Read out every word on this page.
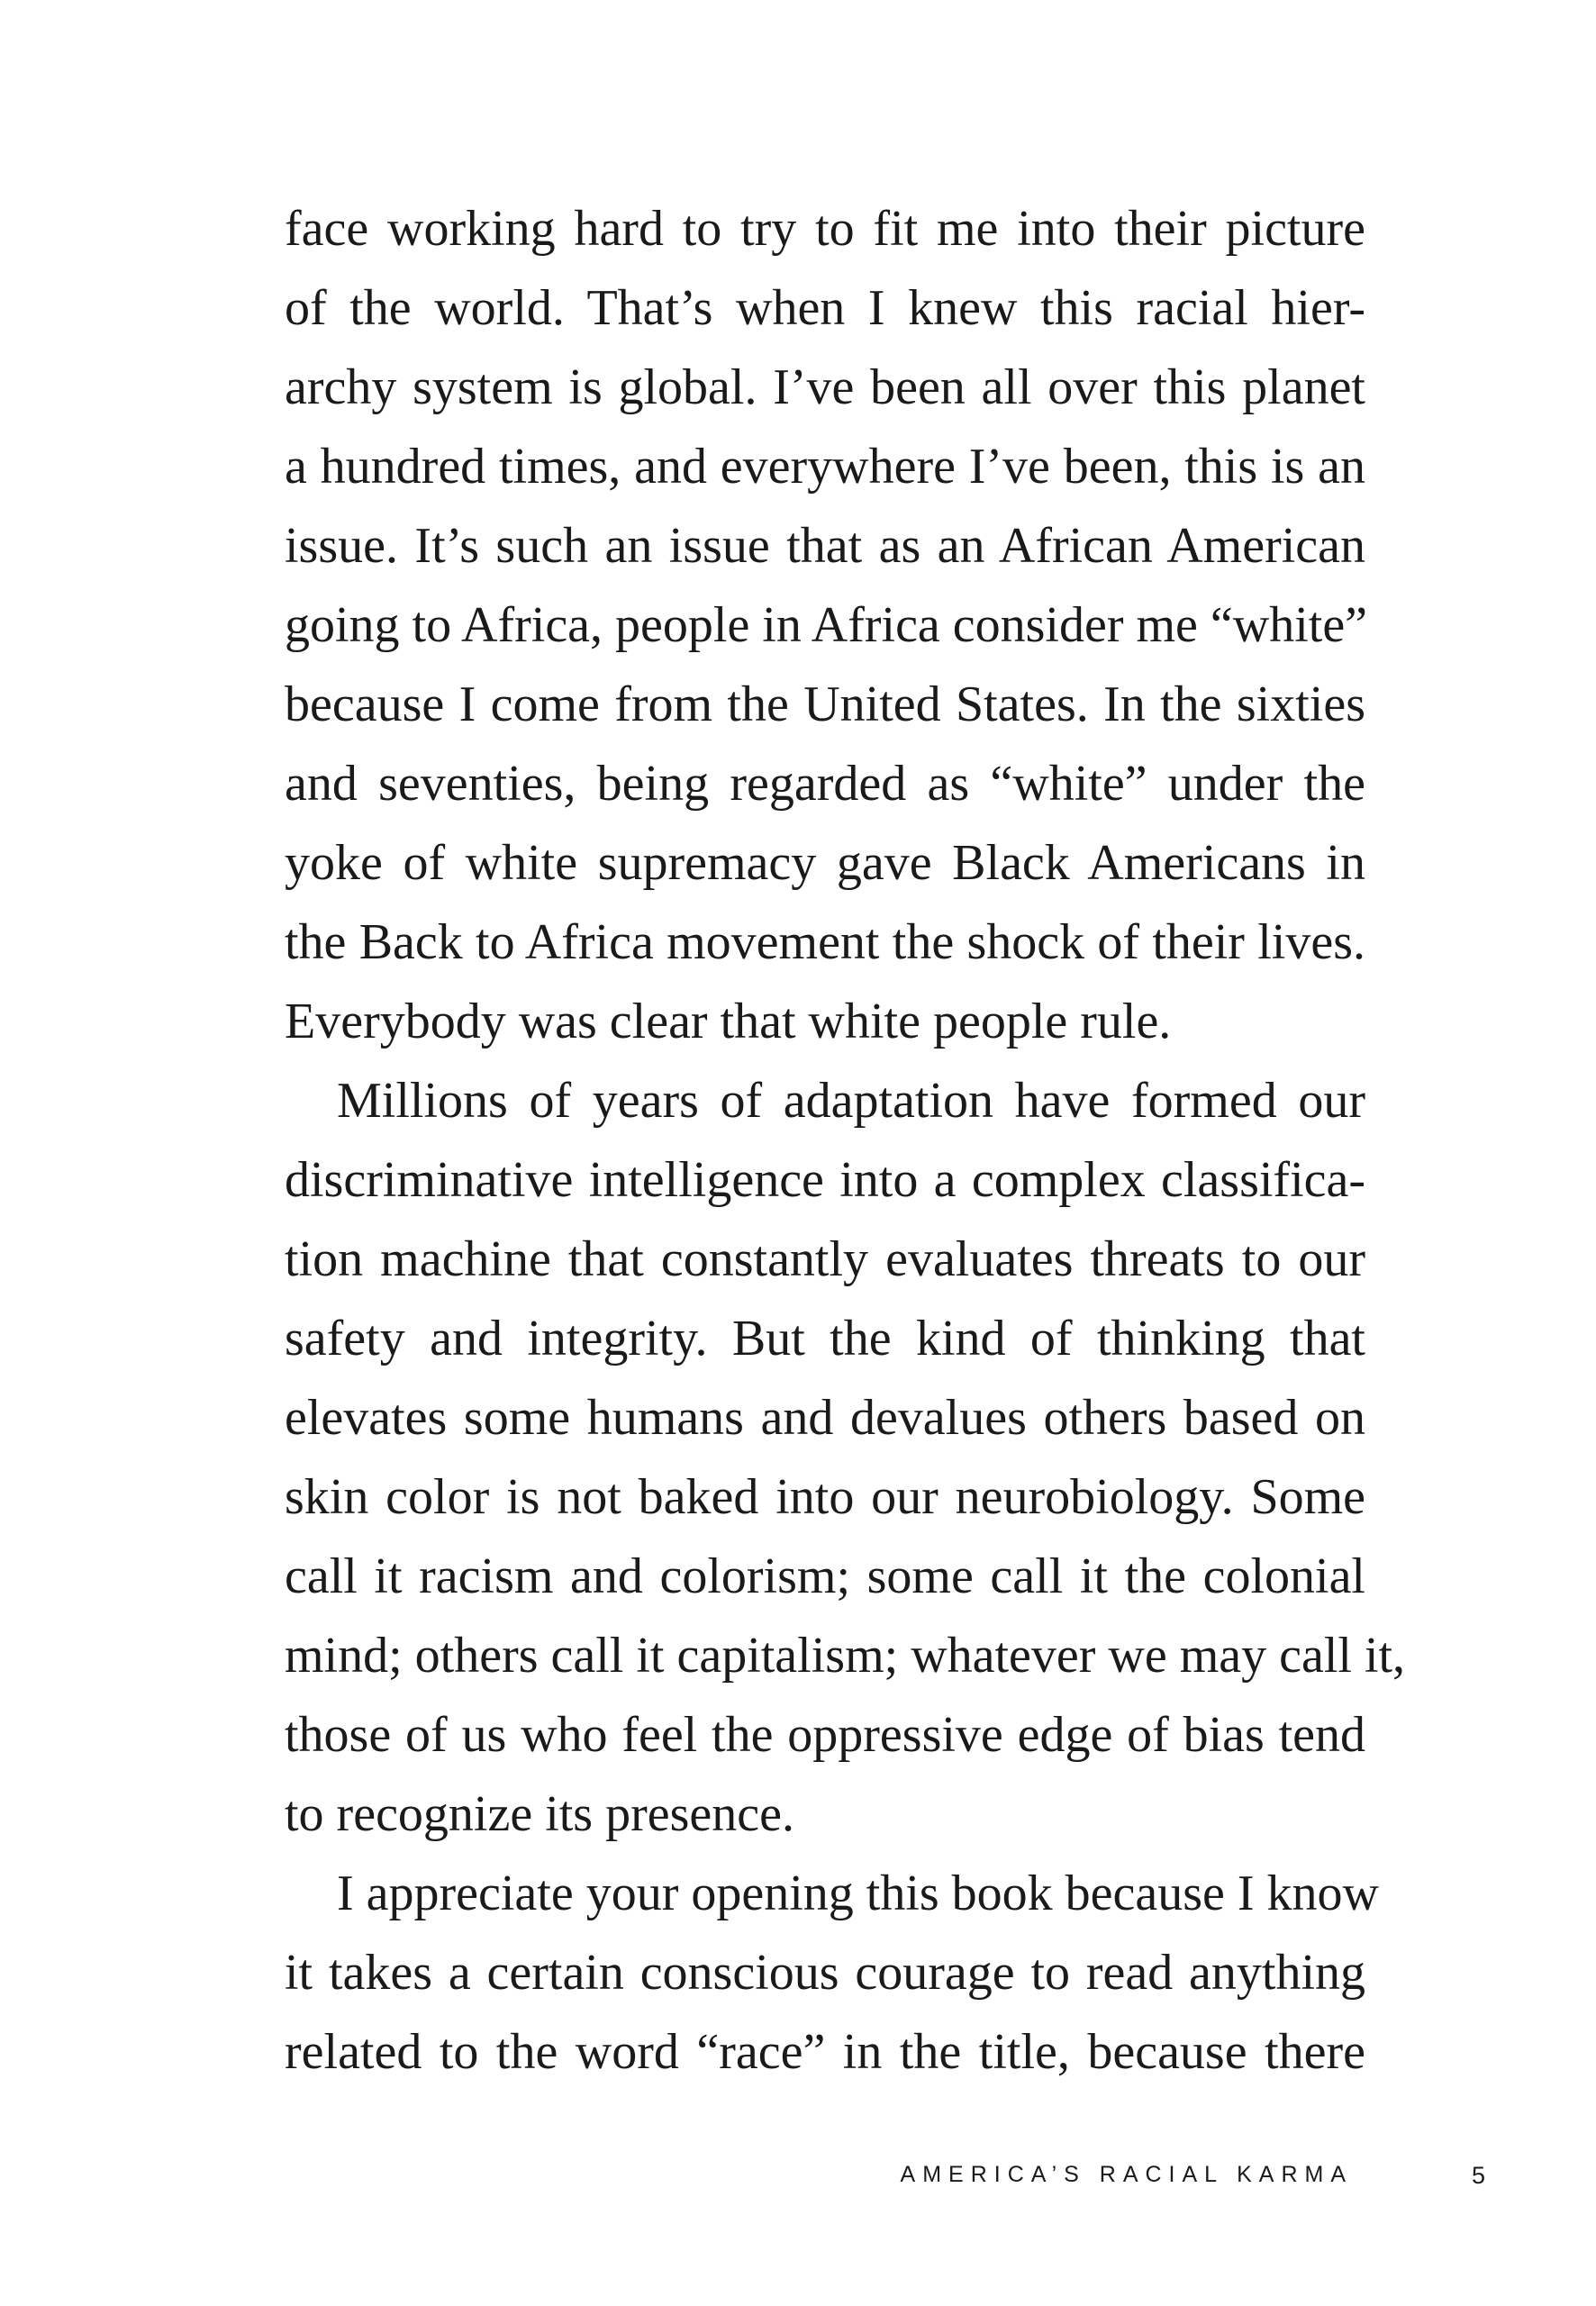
face working hard to try to fit me into their picture
of the world. That’s when I knew this racial hier-
archy system is global. I’ve been all over this planet
a hundred times, and everywhere I’ve been, this is an
issue. It’s such an issue that as an African American
going to Africa, people in Africa consider me “white”
because I come from the United States. In the sixties
and seventies, being regarded as “white” under the
yoke of white supremacy gave Black Americans in
the Back to Africa movement the shock of their lives.
Everybody was clear that white people rule.
Millions of years of adaptation have formed our
discriminative intelligence into a complex classifica-
tion machine that constantly evaluates threats to our
safety and integrity. But the kind of thinking that
elevates some humans and devalues others based on
skin color is not baked into our neurobiology. Some
call it racism and colorism; some call it the colonial
mind; others call it capitalism; whatever we may call it,
those of us who feel the oppressive edge of bias tend
to recognize its presence.
I appreciate your opening this book because I know
it takes a certain conscious courage to read anything
related to the word “race” in the title, because there
AMERICA’S RACIAL KARMA	5
